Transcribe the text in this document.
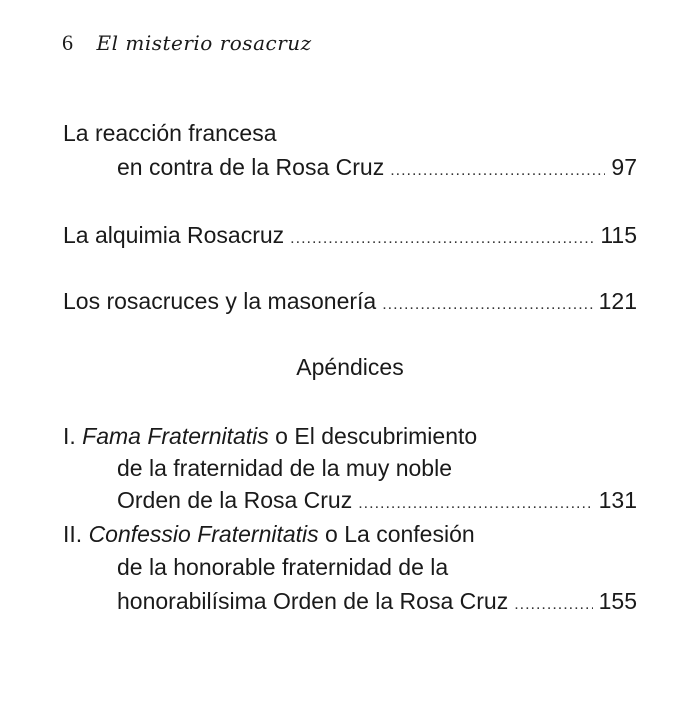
6 El misterio rosacruz
La reacción francesa
en contra de la Rosa Cruz .....	97
La alquimia Rosacruz .....	115
Los rosacruces y la masonería .....	121
Apéndices
I. Fama Fraternitatis o El descubrimiento
de la fraternidad de la muy noble
Orden de la Rosa Cruz .....	131
II. Confessio Fraternitatis o La confesión
de la honorable fraternidad de la
honorabilísima Orden de la Rosa Cruz .....	155
